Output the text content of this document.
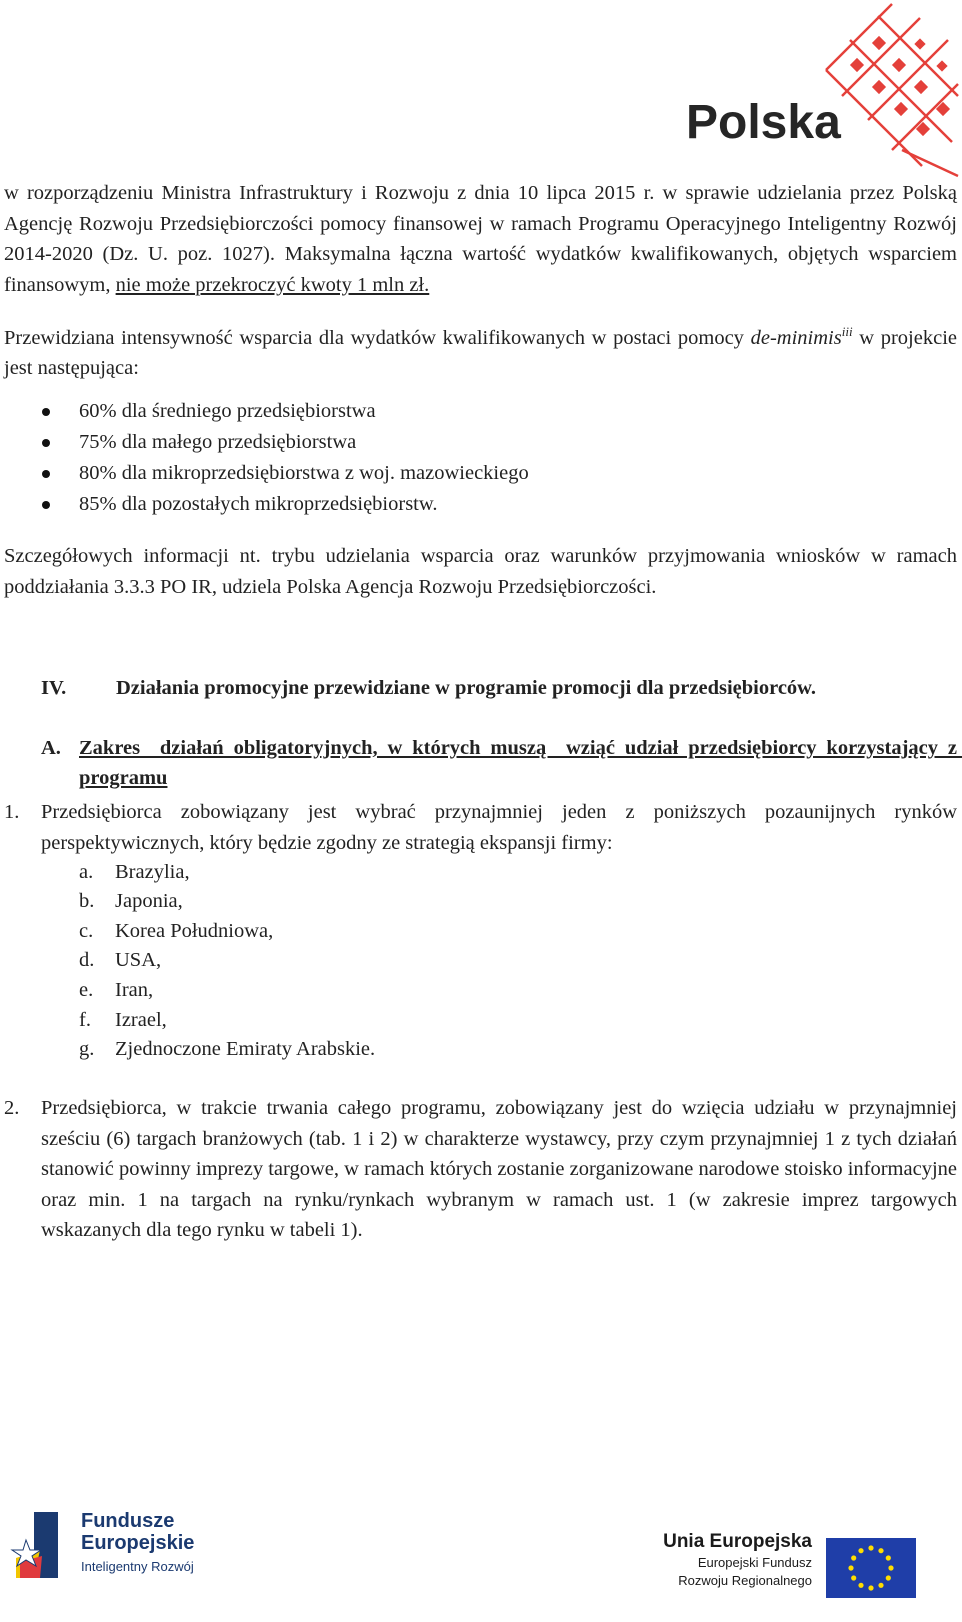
Polska
w rozporządzeniu Ministra Infrastruktury i Rozwoju z dnia 10 lipca 2015 r. w sprawie udzielania przez Polską Agencję Rozwoju Przedsiębiorczości pomocy finansowej w ramach Programu Operacyjnego Inteligentny Rozwój 2014-2020 (Dz. U. poz. 1027). Maksymalna łączna wartość wydatków kwalifikowanych, objętych wsparciem finansowym, nie może przekroczyć kwoty 1 mln zł.
Przewidziana intensywność wsparcia dla wydatków kwalifikowanych w postaci pomocy de-minimis$^{iii}$ w projekcie jest następująca:
60% dla średniego przedsiębiorstwa
75% dla małego przedsiębiorstwa
80% dla mikroprzedsiębiorstwa z woj. mazowieckiego
85% dla pozostałych mikroprzedsiębiorstw.
Szczegółowych informacji nt. trybu udzielania wsparcia oraz warunków przyjmowania wniosków w ramach poddziałania 3.3.3 PO IR, udziela Polska Agencja Rozwoju Przedsiębiorczości.
IV. Działania promocyjne przewidziane w programie promocji dla przedsiębiorców.
A. Zakres  działań obligatoryjnych, w których muszą  wziąć udział przedsiębiorcy korzystający z programu
1. Przedsiębiorca zobowiązany jest wybrać przynajmniej jeden z poniższych pozaunijnych rynków perspektywicznych, który będzie zgodny ze strategią ekspansji firmy:
a. Brazylia,
b. Japonia,
c. Korea Południowa,
d. USA,
e. Iran,
f. Izrael,
g. Zjednoczone Emiraty Arabskie.
2. Przedsiębiorca, w trakcie trwania całego programu, zobowiązany jest do wzięcia udziału w przynajmniej sześciu (6) targach branżowych (tab. 1 i 2) w charakterze wystawcy, przy czym przynajmniej 1 z tych działań stanowić powinny imprezy targowe, w ramach których zostanie zorganizowane narodowe stoisko informacyjne oraz min. 1 na targach na rynku/rynkach wybranym w ramach ust. 1 (w zakresie imprez targowych wskazanych dla tego rynku w tabeli 1).
Fundusze Europejskie
Inteligentny Rozwój
Unia Europejska
Europejski Fundusz
Rozwoju Regionalnego
